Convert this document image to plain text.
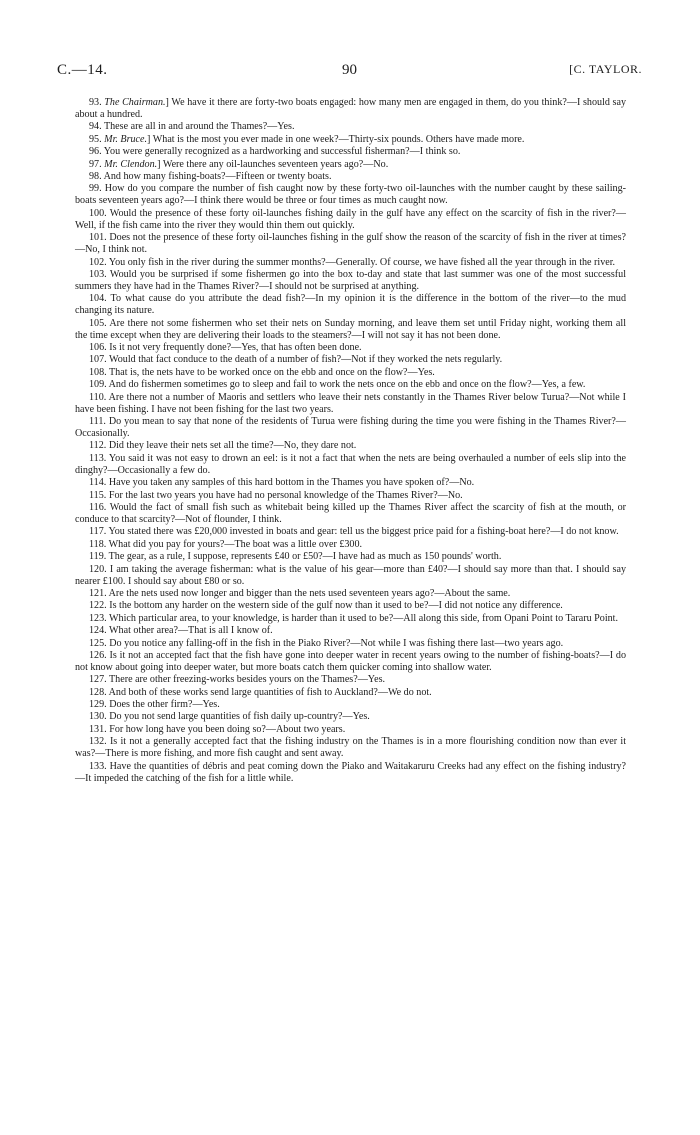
C.—14.	90	[C. TAYLOR.

93. The Chairman.] We have it there are forty-two boats engaged: how many men are engaged in them, do you think?—I should say about a hundred.

94. These are all in and around the Thames?—Yes.

95. Mr. Bruce.] What is the most you ever made in one week?—Thirty-six pounds. Others have made more.

96. You were generally recognized as a hardworking and successful fisherman?—I think so.

97. Mr. Clendon.] Were there any oil-launches seventeen years ago?—No.

98. And how many fishing-boats?—Fifteen or twenty boats.

99. How do you compare the number of fish caught now by these forty-two oil-launches with the number caught by these sailing-boats seventeen years ago?—I think there would be three or four times as much caught now.

100. Would the presence of these forty oil-launches fishing daily in the gulf have any effect on the scarcity of fish in the river?—Well, if the fish came into the river they would thin them out quickly.

101. Does not the presence of these forty oil-launches fishing in the gulf show the reason of the scarcity of fish in the river at times?—No, I think not.

102. You only fish in the river during the summer months?—Generally. Of course, we have fished all the year through in the river.

103. Would you be surprised if some fishermen go into the box to-day and state that last summer was one of the most successful summers they have had in the Thames River?—I should not be surprised at anything.

104. To what cause do you attribute the dead fish?—In my opinion it is the difference in the bottom of the river—to the mud changing its nature.

105. Are there not some fishermen who set their nets on Sunday morning, and leave them set until Friday night, working them all the time except when they are delivering their loads to the steamers?—I will not say it has not been done.

106. Is it not very frequently done?—Yes, that has often been done.

107. Would that fact conduce to the death of a number of fish?—Not if they worked the nets regularly.

108. That is, the nets have to be worked once on the ebb and once on the flow?—Yes.

109. And do fishermen sometimes go to sleep and fail to work the nets once on the ebb and once on the flow?—Yes, a few.

110. Are there not a number of Maoris and settlers who leave their nets constantly in the Thames River below Turua?—Not while I have been fishing. I have not been fishing for the last two years.

111. Do you mean to say that none of the residents of Turua were fishing during the time you were fishing in the Thames River?—Occasionally.

112. Did they leave their nets set all the time?—No, they dare not.

113. You said it was not easy to drown an eel: is it not a fact that when the nets are being overhauled a number of eels slip into the dinghy?—Occasionally a few do.

114. Have you taken any samples of this hard bottom in the Thames you have spoken of?—No.

115. For the last two years you have had no personal knowledge of the Thames River?—No.

116. Would the fact of small fish such as whitebait being killed up the Thames River affect the scarcity of fish at the mouth, or conduce to that scarcity?—Not of flounder, I think.

117. You stated there was £20,000 invested in boats and gear: tell us the biggest price paid for a fishing-boat here?—I do not know.

118. What did you pay for yours?—The boat was a little over £300.

119. The gear, as a rule, I suppose, represents £40 or £50?—I have had as much as 150 pounds' worth.

120. I am taking the average fisherman: what is the value of his gear—more than £40?—I should say more than that. I should say nearer £100. I should say about £80 or so.

121. Are the nets used now longer and bigger than the nets used seventeen years ago?—About the same.

122. Is the bottom any harder on the western side of the gulf now than it used to be?—I did not notice any difference.

123. Which particular area, to your knowledge, is harder than it used to be?—All along this side, from Opani Point to Tararu Point.

124. What other area?—That is all I know of.

125. Do you notice any falling-off in the fish in the Piako River?—Not while I was fishing there last—two years ago.

126. Is it not an accepted fact that the fish have gone into deeper water in recent years owing to the number of fishing-boats?—I do not know about going into deeper water, but more boats catch them quicker coming into shallow water.

127. There are other freezing-works besides yours on the Thames?—Yes.

128. And both of these works send large quantities of fish to Auckland?—We do not.

129. Does the other firm?—Yes.

130. Do you not send large quantities of fish daily up-country?—Yes.

131. For how long have you been doing so?—About two years.

132. Is it not a generally accepted fact that the fishing industry on the Thames is in a more flourishing condition now than ever it was?—There is more fishing, and more fish caught and sent away.

133. Have the quantities of débris and peat coming down the Piako and Waitakaruru Creeks had any effect on the fishing industry?—It impeded the catching of the fish for a little while.
